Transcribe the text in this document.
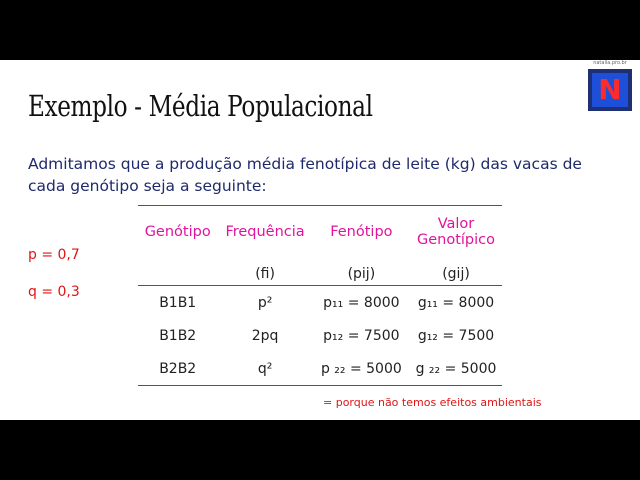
natalia.pro.br
N
Exemplo - Média Populacional
Admitamos que a produção média fenotípica de leite (kg) das vacas de cada genótipo seja a seguinte:
p = 0,7
q = 0,3
Genótipo	Frequência	Fenótipo	Valor Genotípico
	(fi)	(pij)	(gij)
B1B1	p²	p₁₁ = 8000	g₁₁ = 8000
B1B2	2pq	p₁₂ = 7500	g₁₂ = 7500
B2B2	q²	p ₂₂ = 5000	g ₂₂ = 5000
= porque não temos efeitos ambientais
